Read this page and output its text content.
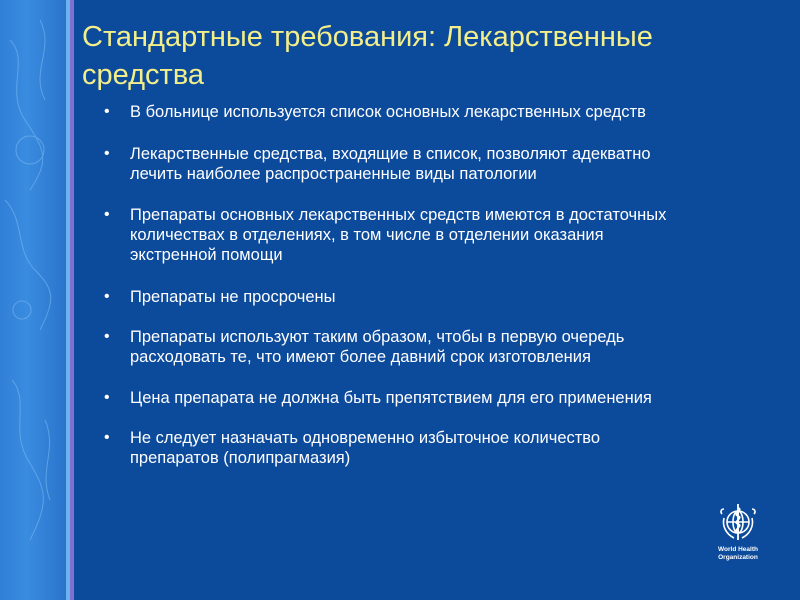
Стандартные требования: Лекарственные средства
• В больнице используется список основных лекарственных средств
• Лекарственные средства, входящие в список, позволяют адекватно лечить наиболее распространенные виды патологии
• Препараты основных лекарственных средств имеются в достаточных количествах в отделениях, в том числе в отделении оказания экстренной помощи
• Препараты не просрочены
• Препараты используют таким образом, чтобы в первую очередь расходовать те, что имеют более давний срок изготовления
• Цена препарата не должна быть препятствием для его применения
• Не следует назначать одновременно избыточное количество препаратов (полипрагмазия)
World Health
Organization
